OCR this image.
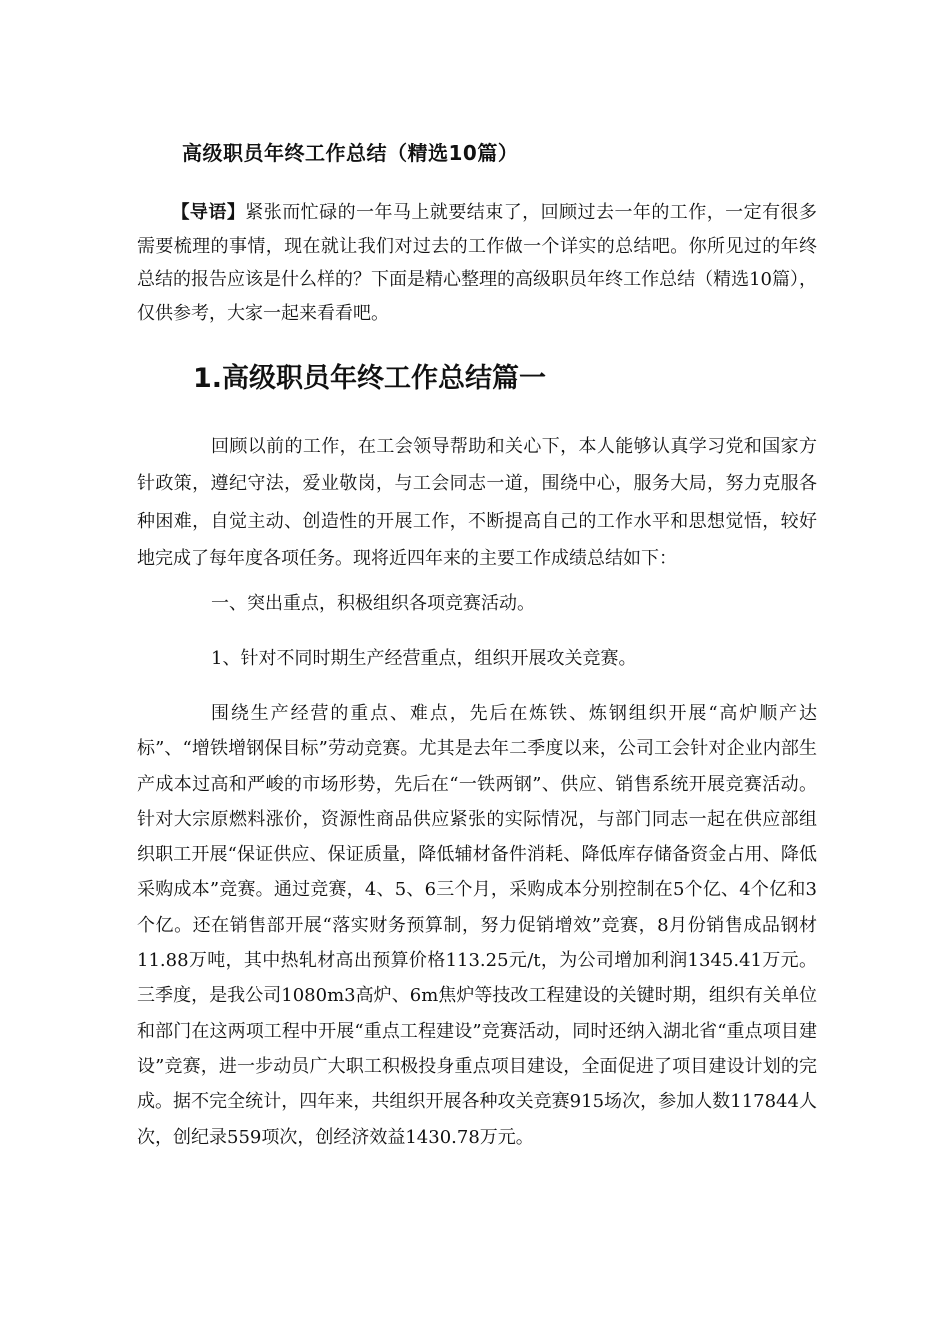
高级职员年终工作总结（精选10篇）
【导语】紧张而忙碌的一年马上就要结束了，回顾过去一年的工作，一定有很多需要梳理的事情，现在就让我们对过去的工作做一个详实的总结吧。你所见过的年终总结的报告应该是什么样的？下面是精心整理的高级职员年终工作总结（精选10篇），仅供参考，大家一起来看看吧。
1.高级职员年终工作总结篇一
回顾以前的工作，在工会领导帮助和关心下，本人能够认真学习党和国家方针政策，遵纪守法，爱业敬岗，与工会同志一道，围绕中心，服务大局，努力克服各种困难，自觉主动、创造性的开展工作，不断提高自己的工作水平和思想觉悟，较好地完成了每年度各项任务。现将近四年来的主要工作成绩总结如下：
一、突出重点，积极组织各项竞赛活动。
1、针对不同时期生产经营重点，组织开展攻关竞赛。
围绕生产经营的重点、难点，先后在炼铁、炼钢组织开展“高炉顺产达标”、“增铁增钢保目标”劳动竞赛。尤其是去年二季度以来，公司工会针对企业内部生产成本过高和严峻的市场形势，先后在“一铁两钢”、供应、销售系统开展竞赛活动。针对大宗原燃料涨价，资源性商品供应紧张的实际情况，与部门同志一起在供应部组织职工开展“保证供应、保证质量，降低辅材备件消耗、降低库存储备资金占用、降低采购成本”竞赛。通过竞赛，4、5、6三个月，采购成本分别控制在5个亿、4个亿和3个亿。还在销售部开展“落实财务预算制，努力促销增效”竞赛，8月份销售成品钢材11.88万吨，其中热轧材高出预算价格113.25元/t，为公司增加利润1345.41万元。三季度，是我公司1080m3高炉、6m焦炉等技改工程建设的关键时期，组织有关单位和部门在这两项工程中开展“重点工程建设”竞赛活动，同时还纳入湖北省“重点项目建设”竞赛，进一步动员广大职工积极投身重点项目建设，全面促进了项目建设计划的完成。据不完全统计，四年来，共组织开展各种攻关竞赛915场次，参加人数117844人次，创纪录559项次，创经济效益1430.78万元。
